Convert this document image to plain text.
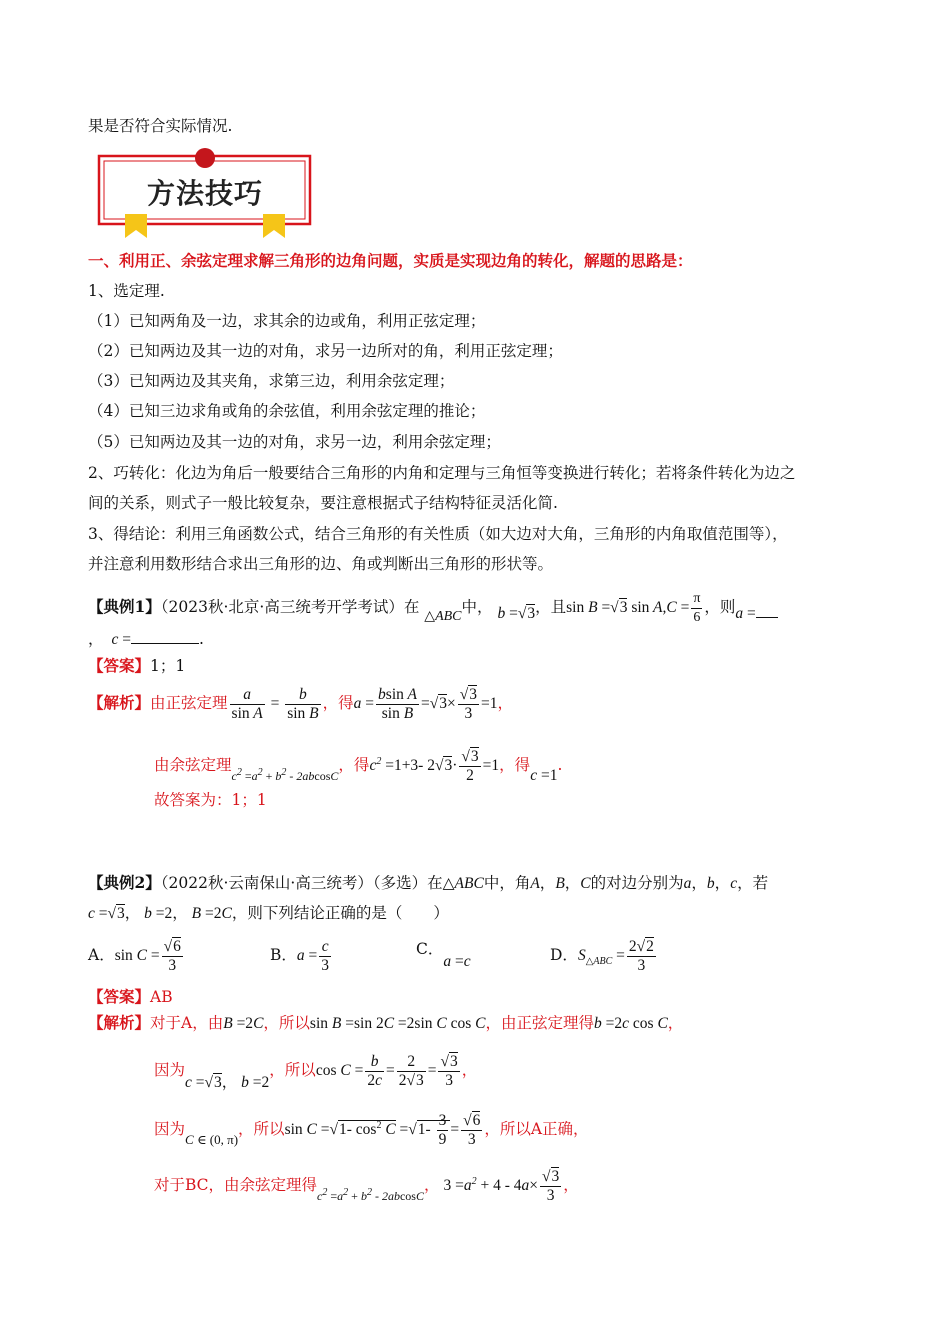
果是否符合实际情况.
方法技巧
一、利用正、余弦定理求解三角形的边角问题，实质是实现边角的转化，解题的思路是：
1、选定理.
（1）已知两角及一边，求其余的边或角，利用正弦定理；
（2）已知两边及其一边的对角，求另一边所对的角，利用正弦定理；
（3）已知两边及其夹角，求第三边，利用余弦定理；
（4）已知三边求角或角的余弦值，利用余弦定理的推论；
（5）已知两边及其一边的对角，求另一边，利用余弦定理；
2、巧转化：化边为角后一般要结合三角形的内角和定理与三角恒等变换进行转化；若将条件转化为边之
间的关系，则式子一般比较复杂，要注意根据式子结构特征灵活化简.
3、得结论：利用三角函数公式，结合三角形的有关性质（如大边对大角，三角形的内角取值范围等），
并注意利用数形结合求出三角形的边、角或判断出三角形的形状等。
【典例1】（2023秋·北京·高三统考开学考试）在 △ABC中， b =√3，且sin B =√3 $\sin A,C = \frac{\pi}{6}$ ，则a =
， c =	.
【答案】1；1
【解析】由正弦定理 $\frac{a}{\text{sin A}} = \frac{b}{\text{sin B}}$ ，得$a = \frac{\text{bsin A}}{\text{sin B}} =√3\times \frac{√3}{3} =1$，
由余弦定理$_{c^2 =a^2 + b^2 - 2abcosC}$，得$c^2 =1+3-$ $2√3\cdot \frac{√3}{2} =1$，得c =1.
故答案为：1；1
【典例2】（2022秋·云南保山·高三统考）（多选）在△ABC中，角A，B，C的对边分别为a，b，c，若
c =√3， b =2， B =2C，则下列结论正确的是（　　）
A．$\sin C = \frac{√6}{3}$	B．$a = \frac{c}{3}$	C．a =c	D．$S_{\triangle ABC} = \frac{2√2}{3}$
【答案】AB
【解析】对于A，由B =2C，所以sin B =sin 2C =2sin C cos C，由正弦定理得b =2c cos C，
因为c =√3， b =2，所以$\cos C = \frac{b}{2c} = \frac{2}{2√3} = \frac{√3}{3}$ ，
因为$_{C \in (0, \pi)}$，所以sin C =√1- $\cos^2 C =√1- \frac{3}{9} = \frac{√6}{3}$ ，所以A正确，
对于BC，由余弦定理得$_{c^2 =a^2 + b^2 - 2abcosC}$， $3 =a^2 + 4 - 4a\times \frac{√3}{3}$ ，
